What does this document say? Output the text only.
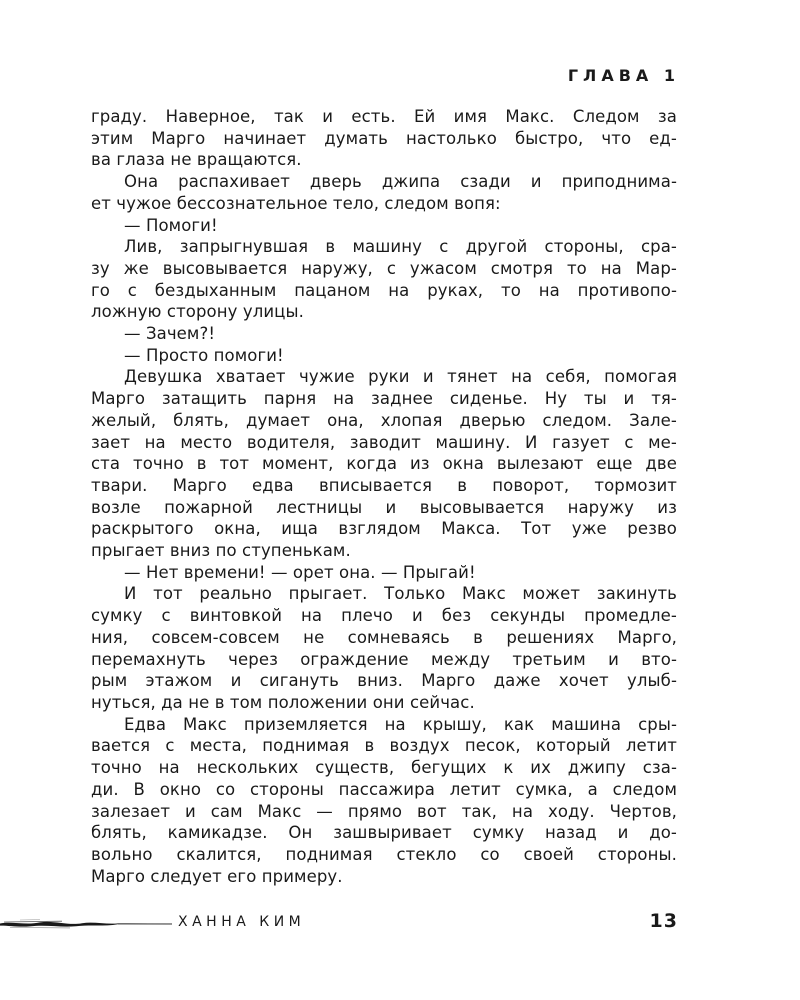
ГЛАВА 1

граду. Наверное, так и есть. Ей имя Макс. Следом за

этим Марго начинает думать настолько быстро, что ед-

ва глаза не вращаются.

Она распахивает дверь джипа сзади и приподнима-

ет чужое бессознательное тело, следом вопя:

— Помоги!

Лив, запрыгнувшая в машину с другой стороны, сра-

зу же высовывается наружу, с ужасом смотря то на Мар-

го с бездыханным пацаном на руках, то на противопо-

ложную сторону улицы.

— Зачем?!

— Просто помоги!

Девушка хватает чужие руки и тянет на себя, помогая

Марго затащить парня на заднее сиденье. Ну ты и тя-

желый, блять, думает она, хлопая дверью следом. Зале-

зает на место водителя, заводит машину. И газует с ме-

ста точно в тот момент, когда из окна вылезают еще две

твари. Марго едва вписывается в поворот, тормозит

возле пожарной лестницы и высовывается наружу из

раскрытого окна, ища взглядом Макса. Тот уже резво

прыгает вниз по ступенькам.

— Нет времени! — орет она. — Прыгай!

И тот реально прыгает. Только Макс может закинуть

сумку с винтовкой на плечо и без секунды промедле-

ния, совсем-совсем не сомневаясь в решениях Марго,

перемахнуть через ограждение между третьим и вто-

рым этажом и сигануть вниз. Марго даже хочет улыб-

нуться, да не в том положении они сейчас.

Едва Макс приземляется на крышу, как машина сры-

вается с места, поднимая в воздух песок, который летит

точно на нескольких существ, бегущих к их джипу сза-

ди. В окно со стороны пассажира летит сумка, а следом

залезает и сам Макс — прямо вот так, на ходу. Чертов,

блять, камикадзе. Он зашвыривает сумку назад и до-

вольно скалится, поднимая стекло со своей стороны.

Марго следует его примеру.

ХАННА КИМ	13
